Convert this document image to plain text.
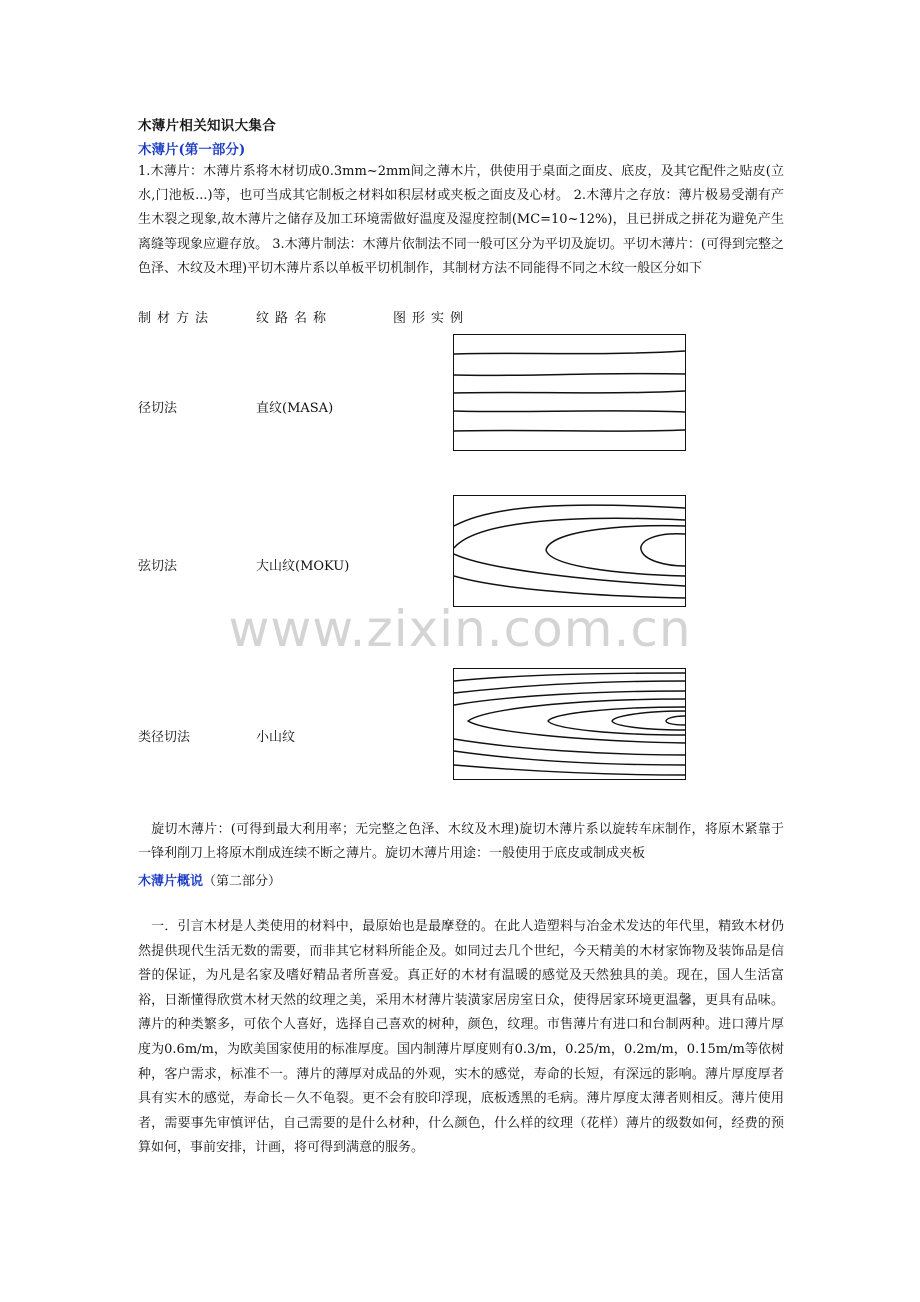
木薄片相关知识大集合
木薄片(第一部分)
1.木薄片：木薄片系将木材切成0.3mm~2mm间之薄木片，供使用于桌面之面皮、底皮，及其它配件之贴皮(立水,门池板...)等，也可当成其它制板之材料如积层材或夹板之面皮及心材。 2.木薄片之存放：薄片极易受潮有产生木裂之现象,故木薄片之储存及加工环境需做好温度及湿度控制(MC=10~12%)，且已拼成之拼花为避免产生离缝等现象应避存放。 3.木薄片制法：木薄片依制法不同一般可区分为平切及旋切。平切木薄片：(可得到完整之色泽、木纹及木理)平切木薄片系以单板平切机制作，其制材方法不同能得不同之木纹一般区分如下
制材方法	纹路名称	图形实例
径切法	直纹(MASA)
弦切法	大山纹(MOKU)
类径切法	小山纹
www.zixin.com.cn
旋切木薄片：(可得到最大利用率；无完整之色泽、木纹及木理)旋切木薄片系以旋转车床制作，将原木紧靠于一锋利削刀上将原木削成连续不断之薄片。旋切木薄片用途：一般使用于底皮或制成夹板
木薄片概说（第二部分）
一．引言木材是人类使用的材料中，最原始也是最摩登的。在此人造塑料与冶金术发达的年代里，精致木材仍然提供现代生活无数的需要，而非其它材料所能企及。如同过去几个世纪，今天精美的木材家饰物及装饰品是信誉的保证，为凡是名家及嗜好精品者所喜爱。真正好的木材有温暖的感觉及天然独具的美。现在，国人生活富裕，日渐懂得欣赏木材天然的纹理之美，采用木材薄片装潢家居房室日众，使得居家环境更温馨，更具有品味。薄片的种类繁多，可依个人喜好，选择自己喜欢的树种，颜色，纹理。市售薄片有进口和台制两种。进口薄片厚度为0.6m/m，为欧美国家使用的标准厚度。国内制薄片厚度则有0.3/m，0.25/m，0.2m/m，0.15m/m等依树种，客户需求，标准不一。薄片的薄厚对成品的外观，实木的感觉，寿命的长短，有深远的影响。薄片厚度厚者具有实木的感觉，寿命长－久不龟裂。更不会有胶印浮现，底板透黑的毛病。薄片厚度太薄者则相反。薄片使用者，需要事先审慎评估，自己需要的是什么材种，什么颜色，什么样的纹理（花样）薄片的级数如何，经费的预算如何，事前安排，计画，将可得到满意的服务。
